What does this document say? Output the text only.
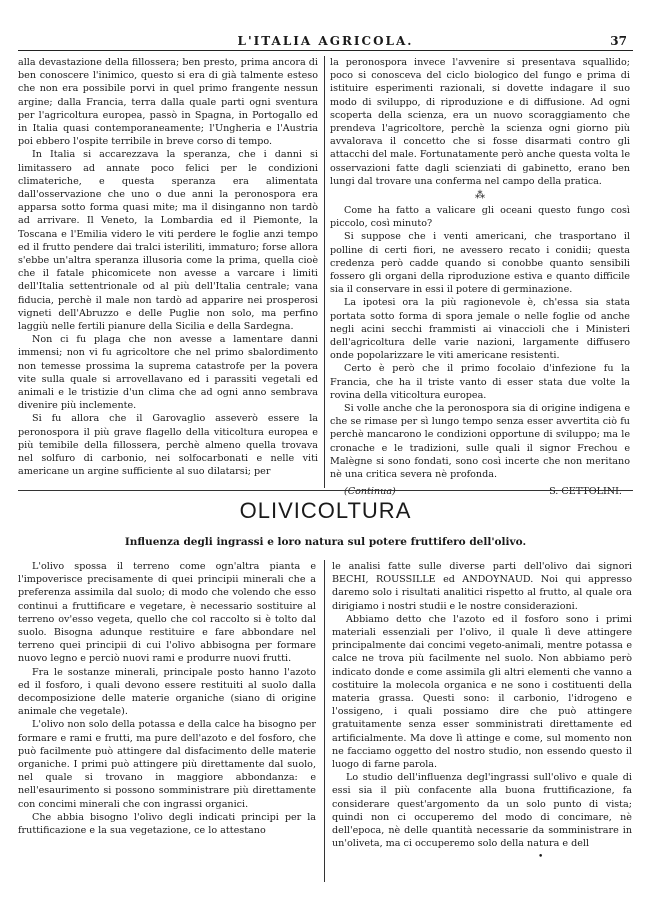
L'ITALIA AGRICOLA.	37

alla devastazione della fillossera; ben presto, prima ancora di ben conoscere l'inimico, questo si era di già talmente esteso che non era possibile porvi in quel primo frangente nessun argine; dalla Francia, terra dalla quale parti ogni sventura per l'agricoltura europea, passò in Spagna, in Portogallo ed in Italia quasi contemporaneamente; l'Ungheria e l'Austria poi ebbero l'ospite terribile in breve corso di tempo.

In Italia si accarezzava la speranza, che i danni si limitassero ad annate poco felici per le condizioni climateriche, e questa speranza era alimentata dall'osservazione che uno o due anni la peronospora era apparsa sotto forma quasi mite; ma il disinganno non tardò ad arrivare. Il Veneto, la Lombardia ed il Piemonte, la Toscana e l'Emilia videro le viti perdere le foglie anzi tempo ed il frutto pendere dai tralci isteriliti, immaturo; forse allora s'ebbe un'altra speranza illusoria come la prima, quella cioè che il fatale phicomicete non avesse a varcare i limiti dell'Italia settentrionale od al più dell'Italia centrale; vana fiducia, perchè il male non tardò ad apparire nei prosperosi vigneti dell'Abruzzo e delle Puglie non solo, ma perfino laggiù nelle fertili pianure della Sicilia e della Sardegna.

Non ci fu plaga che non avesse a lamentare danni immensi; non vi fu agricoltore che nel primo sbalordimento non temesse prossima la suprema catastrofe per la povera vite sulla quale si arrovellavano ed i parassiti vegetali ed animali e le tristizie d'un clima che ad ogni anno sembrava divenire più inclemente.

Si fu allora che il Garovaglio asseverò essere la peronospora il più grave flagello della viticoltura europea e più temibile della fillossera, perchè almeno quella trovava nel solfuro di carbonio, nei solfocarbonati e nelle viti americane un argine sufficiente al suo dilatarsi; per

la peronospora invece l'avvenire si presentava squallido; poco si conosceva del ciclo biologico del fungo e prima di istituire esperimenti razionali, si dovette indagare il suo modo di sviluppo, di riproduzione e di diffusione. Ad ogni scoperta della scienza, era un nuovo scoraggiamento che prendeva l'agricoltore, perchè la scienza ogni giorno più avvalorava il concetto che si fosse disarmati contro gli attacchi del male. Fortunatamente però anche questa volta le osservazioni fatte dagli scienziati di gabinetto, erano ben lungi dal trovare una conferma nel campo della pratica.

⁂

Come ha fatto a valicare gli oceani questo fungo così piccolo, così minuto?

Si suppose che i venti americani, che trasportano il polline di certi fiori, ne avessero recato i conidii; questa credenza però cadde quando si conobbe quanto sensibili fossero gli organi della riproduzione estiva e quanto difficile sia il conservare in essi il potere di germinazione.

La ipotesi ora la più ragionevole è, ch'essa sia stata portata sotto forma di spora jemale o nelle foglie od anche negli acini secchi frammisti ai vinaccioli che i Ministeri dell'agricoltura delle varie nazioni, largamente diffusero onde popolarizzare le viti americane resistenti.

Certo è però che il primo focolaio d'infezione fu la Francia, che ha il triste vanto di esser stata due volte la rovina della viticoltura europea.

Si volle anche che la peronospora sia di origine indigena e che se rimase per sì lungo tempo senza esser avvertita ciò fu perchè mancarono le condizioni opportune di sviluppo; ma le cronache e le tradizioni, sulle quali il signor Frechou e Malègne si sono fondati, sono così incerte che non meritano nè una critica severa nè profonda.

(Continua)	S. CETTOLINI.
OLIVICOLTURA
Influenza degli ingrassi e loro natura sul potere fruttifero dell'olivo.

L'olivo spossa il terreno come ogn'altra pianta e l'impoverisce precisamente di quei principii minerali che a preferenza assimila dal suolo; di modo che volendo che esso continui a fruttificare e vegetare, è necessario sostituire al terreno ov'esso vegeta, quello che col raccolto si è tolto dal suolo. Bisogna adunque restituire e fare abbondare nel terreno quei principii di cui l'olivo abbisogna per formare nuovo legno e perciò nuovi rami e produrre nuovi frutti.

Fra le sostanze minerali, principale posto hanno l'azoto ed il fosforo, i quali devono essere restituiti al suolo dalla decomposizione delle materie organiche (siano di origine animale che vegetale).

L'olivo non solo della potassa e della calce ha bisogno per formare e rami e frutti, ma pure dell'azoto e del fosforo, che può facilmente può attingere dal disfacimento delle materie organiche. I primi può attingere più direttamente dal suolo, nel quale si trovano in maggiore abbondanza: e nell'esaurimento si possono somministrare più direttamente con concimi minerali che con ingrassi organici.

Che abbia bisogno l'olivo degli indicati principi per la fruttificazione e la sua vegetazione, ce lo attestano

le analisi fatte sulle diverse parti dell'olivo dai signori BECHI, ROUSSILLE ed ANDOYNAUD. Noi qui appresso daremo solo i risultati analitici rispetto al frutto, al quale ora dirigiamo i nostri studii e le nostre considerazioni.

Abbiamo detto che l'azoto ed il fosforo sono i primi materiali essenziali per l'olivo, il quale lì deve attingere principalmente dai concimi vegeto-animali, mentre potassa e calce ne trova più facilmente nel suolo. Non abbiamo però indicato donde e come assimila gli altri elementi che vanno a costituire la molecola organica e ne sono i costituenti della materia grassa. Questi sono: il carbonio, l'idrogeno e l'ossigeno, i quali possiamo dire che può attingere gratuitamente senza esser somministrati direttamente ed artificialmente. Ma dove lì attinge e come, sul momento non ne facciamo oggetto del nostro studio, non essendo questo il luogo di farne parola.

Lo studio dell'influenza degl'ingrassi sull'olivo e quale di essi sia il più confacente alla buona fruttificazione, fa considerare quest'argomento da un solo punto di vista; quindi non ci occuperemo del modo di concimare, nè dell'epoca, nè delle quantità necessarie da somministrare in un'oliveta, ma ci occuperemo solo della natura e dell

•
